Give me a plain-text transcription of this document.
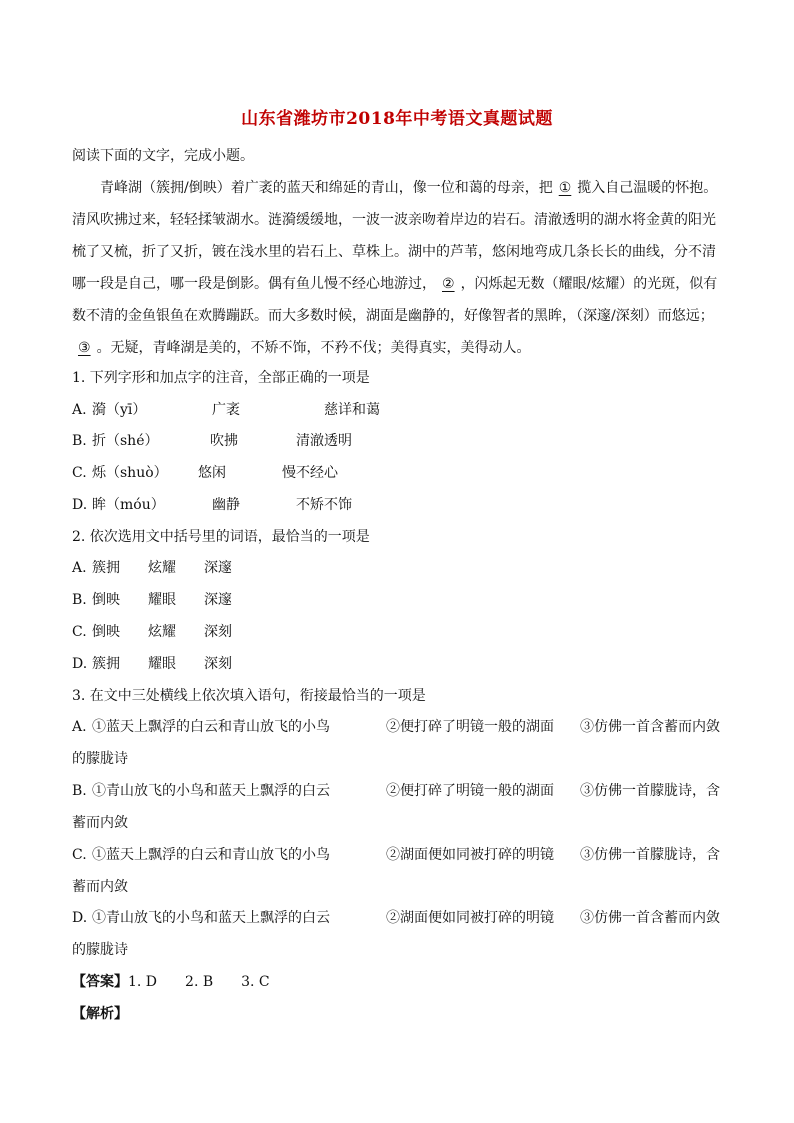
山东省潍坊市2018年中考语文真题试题
阅读下面的文字，完成小题。
青峰湖（簇拥/倒映）着广袤的蓝天和绵延的青山，像一位和蔼的母亲，把 ① 揽入自己温暖的怀抱。清风吹拂过来，轻轻揉皱湖水。涟漪缓缓地，一波一波亲吻着岸边的岩石。清澈透明的湖水将金黄的阳光梳了又梳，折了又折，镀在浅水里的岩石上、草株上。湖中的芦苇，悠闲地弯成几条长长的曲线，分不清哪一段是自己，哪一段是倒影。偶有鱼儿慢不经心地游过， ② ，闪烁起无数（耀眼/炫耀）的光斑，似有数不清的金鱼银鱼在欢腾蹦跃。而大多数时候，湖面是幽静的，好像智者的黑眸，（深邃/深刻）而悠远；③ 。无疑，青峰湖是美的，不矫不饰，不矜不伐；美得真实，美得动人。
1. 下列字形和加点字的注音，全部正确的一项是
A. 漪（yī）	广袤	慈详和蔼
B. 折（shé）	吹拂	清澈透明
C. 烁（shuò） 悠闲	慢不经心
D. 眸（móu）	幽静	不矫不饰
2. 依次选用文中括号里的词语，最恰当的一项是
A. 簇拥 炫耀 深邃
B. 倒映 耀眼 深邃
C. 倒映 炫耀 深刻
D. 簇拥 耀眼 深刻
3. 在文中三处横线上依次填入语句，衔接最恰当的一项是
A. ①蓝天上飘浮的白云和青山放飞的小鸟	②便打碎了明镜一般的湖面 ③仿佛一首含蓄而内敛
的朦胧诗
B. ①青山放飞的小鸟和蓝天上飘浮的白云	②便打碎了明镜一般的湖面 ③仿佛一首朦胧诗，含
蓄而内敛
C. ①蓝天上飘浮的白云和青山放飞的小鸟	②湖面便如同被打碎的明镜 ③仿佛一首朦胧诗，含
蓄而内敛
D. ①青山放飞的小鸟和蓝天上飘浮的白云	②湖面便如同被打碎的明镜 ③仿佛一首含蓄而内敛
的朦胧诗
【答案】1. D　　2. B　　3. C
【解析】
